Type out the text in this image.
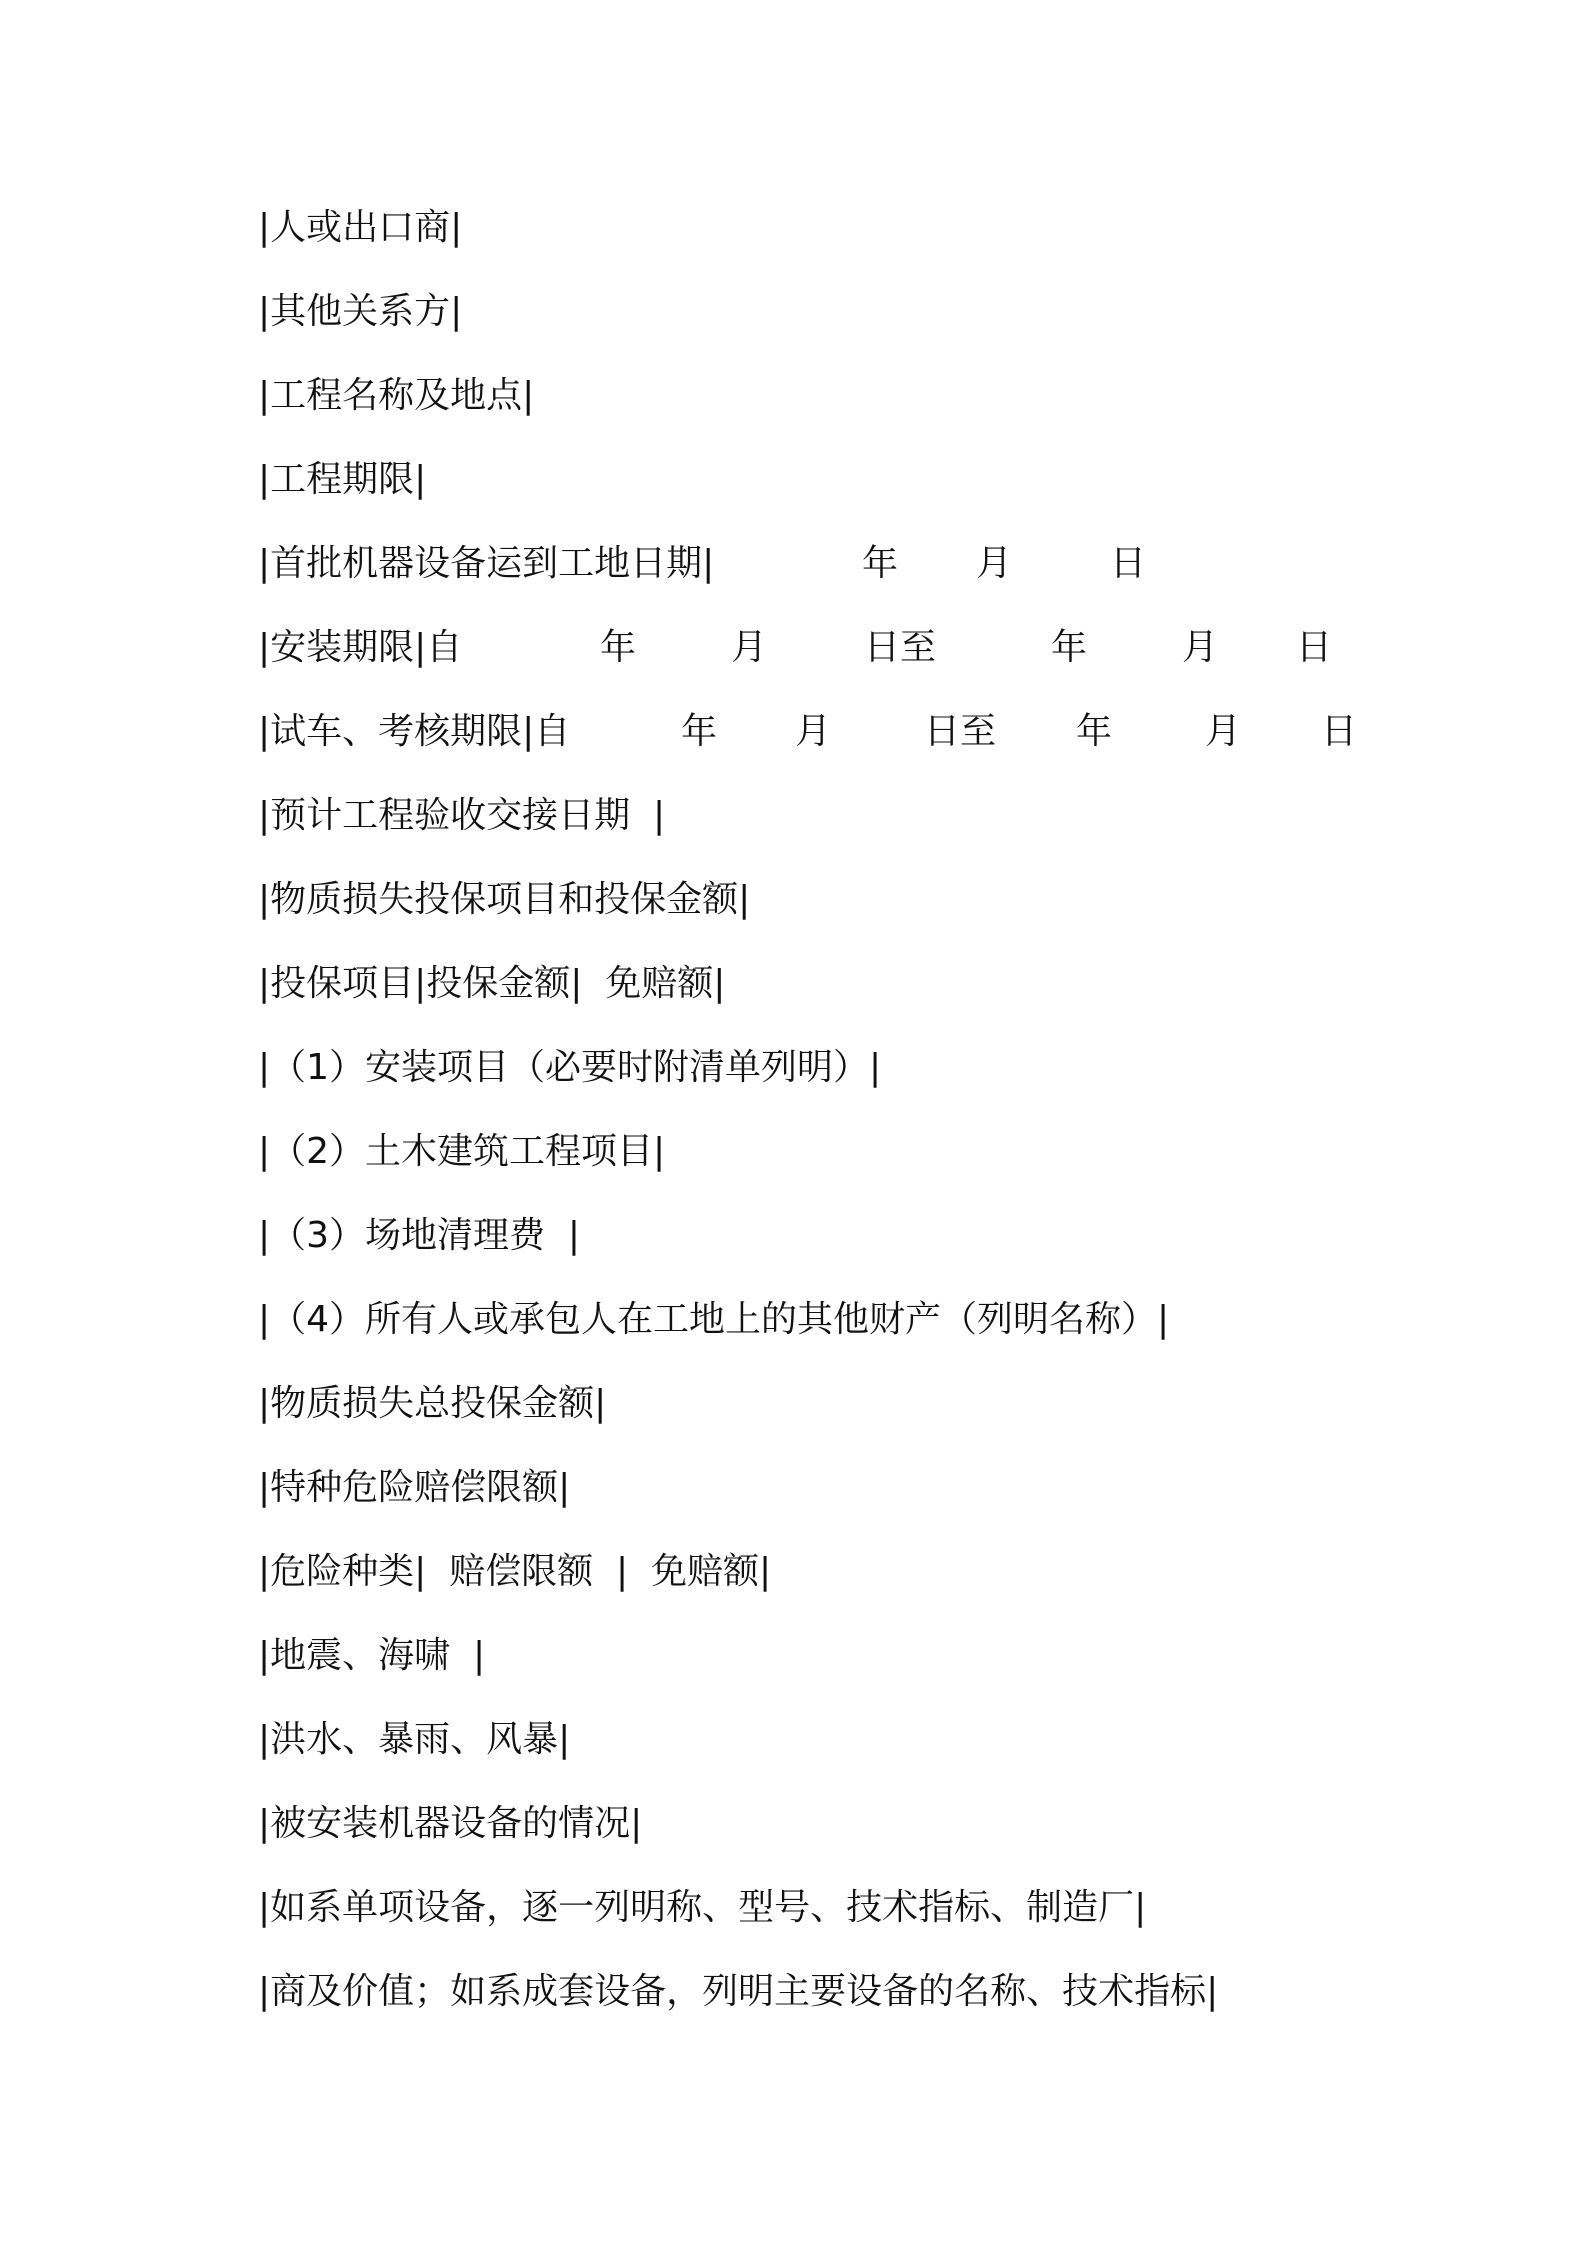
|人或出口商|
|其他关系方|
|工程名称及地点|
|工程期限|
|首批机器设备运到工地日期|	年 月	日
|安装期限|自	年	月	日至	年	月 日
|试车、考核期限|自	年 月	日至 年	月 日
|预计工程验收交接日期  |
|物质损失投保项目和投保金额|
|投保项目|投保金额|  免赔额|
|（1）安装项目（必要时附清单列明）|
|（2）土木建筑工程项目|
|（3）场地清理费  |
|（4）所有人或承包人在工地上的其他财产（列明名称）|
|物质损失总投保金额|
|特种危险赔偿限额|
|危险种类|  赔偿限额  |  免赔额|
|地震、海啸  |
|洪水、暴雨、风暴|
|被安装机器设备的情况|
|如系单项设备，逐一列明称、型号、技术指标、制造厂|
|商及价值；如系成套设备，列明主要设备的名称、技术指标|
